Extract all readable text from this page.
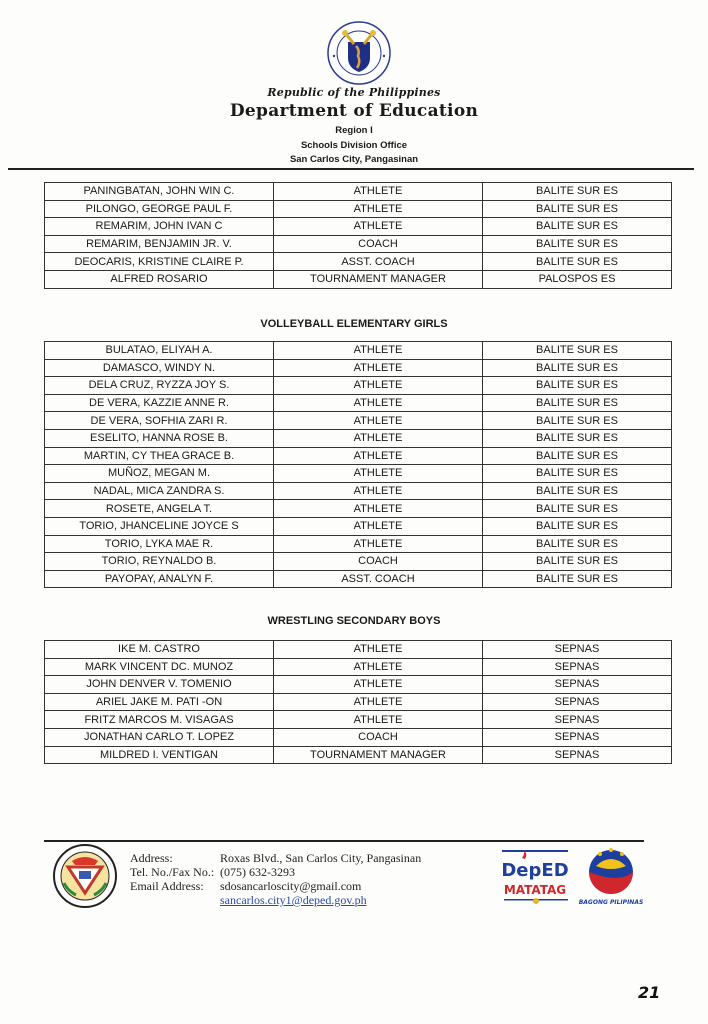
Republic of the Philippines
Department of Education
Region I
Schools Division Office
San Carlos City, Pangasinan
PANINGBATAN, JOHN WIN C.	ATHLETE	BALITE SUR ES
PILONGO, GEORGE PAUL F.	ATHLETE	BALITE SUR ES
REMARIM, JOHN IVAN C	ATHLETE	BALITE SUR ES
REMARIM, BENJAMIN JR. V.	COACH	BALITE SUR ES
DEOCARIS, KRISTINE CLAIRE P.	ASST. COACH	BALITE SUR ES
ALFRED ROSARIO	TOURNAMENT MANAGER	PALOSPOS ES
VOLLEYBALL ELEMENTARY GIRLS
BULATAO, ELIYAH A.	ATHLETE	BALITE SUR ES
DAMASCO, WINDY N.	ATHLETE	BALITE SUR ES
DELA CRUZ, RYZZA JOY S.	ATHLETE	BALITE SUR ES
DE VERA, KAZZIE ANNE R.	ATHLETE	BALITE SUR ES
DE VERA, SOFHIA ZARI R.	ATHLETE	BALITE SUR ES
ESELITO, HANNA ROSE B.	ATHLETE	BALITE SUR ES
MARTIN, CY THEA GRACE B.	ATHLETE	BALITE SUR ES
MUÑOZ, MEGAN M.	ATHLETE	BALITE SUR ES
NADAL, MICA ZANDRA S.	ATHLETE	BALITE SUR ES
ROSETE, ANGELA T.	ATHLETE	BALITE SUR ES
TORIO, JHANCELINE JOYCE S	ATHLETE	BALITE SUR ES
TORIO, LYKA MAE R.	ATHLETE	BALITE SUR ES
TORIO, REYNALDO B.	COACH	BALITE SUR ES
PAYOPAY, ANALYN F.	ASST. COACH	BALITE SUR ES
WRESTLING SECONDARY BOYS
IKE M. CASTRO	ATHLETE	SEPNAS
MARK VINCENT DC. MUNOZ	ATHLETE	SEPNAS
JOHN DENVER V. TOMENIO	ATHLETE	SEPNAS
ARIEL JAKE M. PATI -ON	ATHLETE	SEPNAS
FRITZ MARCOS M. VISAGAS	ATHLETE	SEPNAS
JONATHAN CARLO T. LOPEZ	COACH	SEPNAS
MILDRED I. VENTIGAN	TOURNAMENT MANAGER	SEPNAS
Address:	Roxas Blvd., San Carlos City, Pangasinan
Tel. No./Fax No.: (075) 632-3293
Email Address:	sdosancarloscity@gmail.com
sancarlos.city1@deped.gov.ph
DepED
MATATAG
BAGONG PILIPINAS
21
